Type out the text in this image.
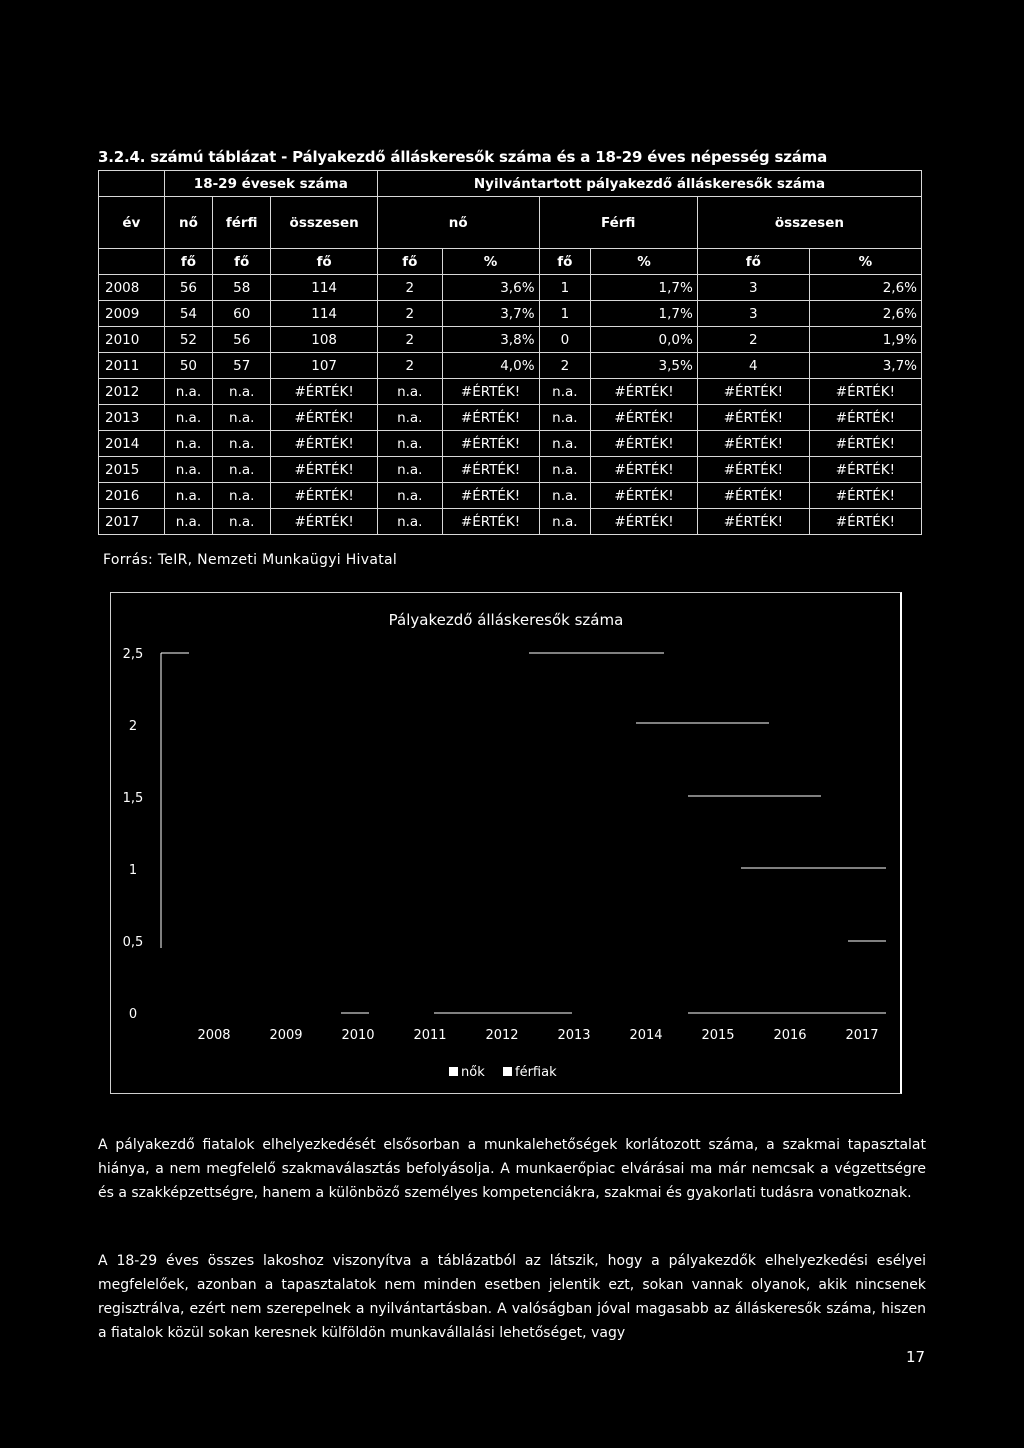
3.2.4. számú táblázat - Pályakezdő álláskeresők száma és a 18-29 éves népesség száma
	18-29 évesek száma			Nyilvántartott pályakezdő álláskeresők száma					
év	nő	férfi	összesen	nő		Férfi		összesen	
	fő	fő	fő	fő	%	fő	%	fő	%
2008	56	58	114	2	3,6%	1	1,7%	3	2,6%
2009	54	60	114	2	3,7%	1	1,7%	3	2,6%
2010	52	56	108	2	3,8%	0	0,0%	2	1,9%
2011	50	57	107	2	4,0%	2	3,5%	4	3,7%
2012	n.a.	n.a.	#ÉRTÉK!	n.a.	#ÉRTÉK!	n.a.	#ÉRTÉK!	#ÉRTÉK!	#ÉRTÉK!
2013	n.a.	n.a.	#ÉRTÉK!	n.a.	#ÉRTÉK!	n.a.	#ÉRTÉK!	#ÉRTÉK!	#ÉRTÉK!
2014	n.a.	n.a.	#ÉRTÉK!	n.a.	#ÉRTÉK!	n.a.	#ÉRTÉK!	#ÉRTÉK!	#ÉRTÉK!
2015	n.a.	n.a.	#ÉRTÉK!	n.a.	#ÉRTÉK!	n.a.	#ÉRTÉK!	#ÉRTÉK!	#ÉRTÉK!
2016	n.a.	n.a.	#ÉRTÉK!	n.a.	#ÉRTÉK!	n.a.	#ÉRTÉK!	#ÉRTÉK!	#ÉRTÉK!
2017	n.a.	n.a.	#ÉRTÉK!	n.a.	#ÉRTÉK!	n.a.	#ÉRTÉK!	#ÉRTÉK!	#ÉRTÉK!
Forrás: TeIR, Nemzeti Munkaügyi Hivatal
Pályakezdő álláskeresők száma
0
0,5
1
1,5
2
2,5
2008	2009	2010	2011	2012	2013	2014	2015	2016	2017
nők férfiak

A pályakezdő fiatalok elhelyezkedését elsősorban a munkalehetőségek korlátozott száma, a szakmai tapasztalat hiánya, a nem megfelelő szakmaválasztás befolyásolja. A munkaerőpiac elvárásai ma már nemcsak a végzettségre és a szakképzettségre, hanem a különböző személyes kompetenciákra, szakmai és gyakorlati tudásra vonatkoznak.

A 18-29 éves összes lakoshoz viszonyítva a táblázatból az látszik, hogy a pályakezdők elhelyezkedési esélyei megfelelőek, azonban a tapasztalatok nem minden esetben jelentik ezt, sokan vannak olyanok, akik nincsenek regisztrálva, ezért nem szerepelnek a nyilvántartásban. A valóságban jóval magasabb az álláskeresők száma, hiszen a fiatalok közül sokan keresnek külföldön munkavállalási lehetőséget, vagy

17
